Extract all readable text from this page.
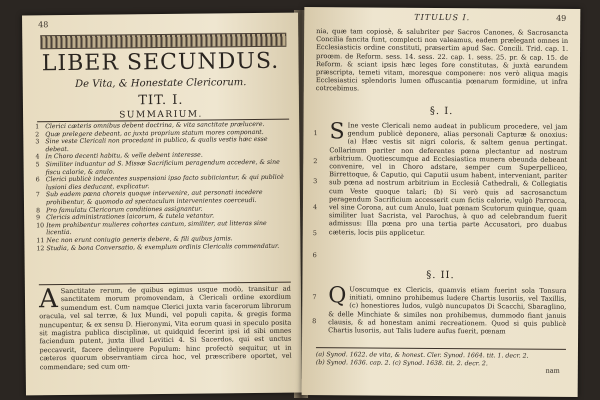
48
LIBER SECUNDUS.
De Vita, & Honestate Clericorum.
TIT. I.
SUMMARIUM.
1 Clerici cæteris omnibus debent doctrina, & vita sanctitate prælucere.
2 Quæ prelegere debeant, ac juxta proprium statum mores componant.
3 Sine veste Clericali non procedant in publico, & qualis vestis hæc esse debeat.
4 In Choro decenti habitu, & velle debent interesse.
5 Similiter induantur ad S. Missæ Sacrificium peragendum accedere, & sine fiscu calorie, & anulo.
6 Clerici publicè indecentes suspensioni ipso facto subiiciantur, & qui publicè lusioni dies deducant, explicatur.
7 Sub eadem pœna choreis quoque intervenire, aut personati incedere prohibentur, & quomodo ad spectaculum intervenientes coerceudi.
8 Pro famulatu Clericorum conditiones assignantur.
9 Clericis administrationes laicorum, & tutela vetantur.
10 Item prohibentur mulieres cohortes cantum, similiter, aut litteras sine licentia.
11 Nec non erunt coniugio generis debere, & fili quibus jamis.
12 Studia, & bona Conversatio, & exemplum ordinis Clericalis commendatur.
A Sanctitate rerum, de quibus egimus usque modò, transitur ad sanctitatem morum promovendam, à Clericali ordine exordium sumendum est. Cum namque Clerici juxta varia facerorum librorum oracula, vel sal terræ, & lux Mundi, vel populi capita, & gregis forma nuncupentur, & ex sensu D. Hieronymi, Vita eorum quasi in speculo posita sit magistra publica disciplinæ, ut quidquid fecerint ipsi id sibi omnes faciendum putent, juxta illud Levitici 4. Si Sacerdos, qui est unctus peccaverit, facere delinquere Populum: hinc profectò sequitur, ut in cæteros quorum observantiam circa hoc, vel præscribere oportet, vel commendare; sed cum om-
TITULUS I.	49
nia, quæ tam copiosè, & salubriter per Sacros Canones, & Sacrosancta Concilia fancita funt, complecti non valeamus, eadem prælegant omnes in Ecclesiasticis ordine constituti, præsertim apud Sac. Concili. Trid. cap. 1. proœm. de Reform. sess. 14. sess. 22. cap. 1. sess. 25. pr. & cap. 15. de Reform. & sciant ipsis hæc leges fore constitutas, & juxtà earundem præscripta, temeti vitam, moresque componere: nos verò aliqua magis Ecclesiastici splendoris lumen offuscantia pœnarum formidine, ut infra cotrcebimus.
§. I.
S Ine veste Clericali nemo audeat in publicum procedere, vel jam gendum publicè deponere, alias personali Capturæ & onoxius: (a) Hæc vestis sit nigri coloris, & saltem genua pertingat. Collarinum pariter non deferentes pœna plectantur ad nostrum arbitrium. Quotiescumque ad Ecclesiastica munera obeunda debeant convenire, vel in Choro adstare, semper cum Superpelliceo, Birrettoque, & Caputio, qui Caputii usum habent, interveniant, pariter sub pœna ad nostrum arbitrium in Ecclesiâ Cathedrali, & Collegiatis cum Veste quoque talari; (b) Si verò quis ad sacrosanctum peragendum Sacrificium accesserit cum fictis calorie, vulgò Parrocca, vel sine Corona, aut cum Anulo, luat pœnam Scutorum quinque, quam similiter luat Sacrista, vel Parochus, à quo ad celebrandum fuerit admissus: Illa pœna pro una tertia parte Accusatori, pro duabus cæteris, locis piis applicetur.
§. II.
Q Uoscumque ex Clericis, quamvis etiam fuerint sola Tonsura initiati, omnino prohibemus ludere Chartis lusoriis, vel Taxillis, (c) honestiores ludos, vulgò nuncupatos Di Scacchi, Sbaraglino, & delle Minchiate & similes non prohibemus, dummodo fiant januis clausis, & ad honestam animi recreationem. Quod si quis publicè Chartis lusoriis, aut Talis ludere aufus fuerit, pœnam
1
2
3
4
5
6
7
8
(a) Synod. 1622. de vita, & honest. Cler. Synod. 1664. tit. 1. decr. 2.
(b) Synod. 1636. cap. 2. (c) Synod. 1638. tit. 2. decr. 2.
nam
